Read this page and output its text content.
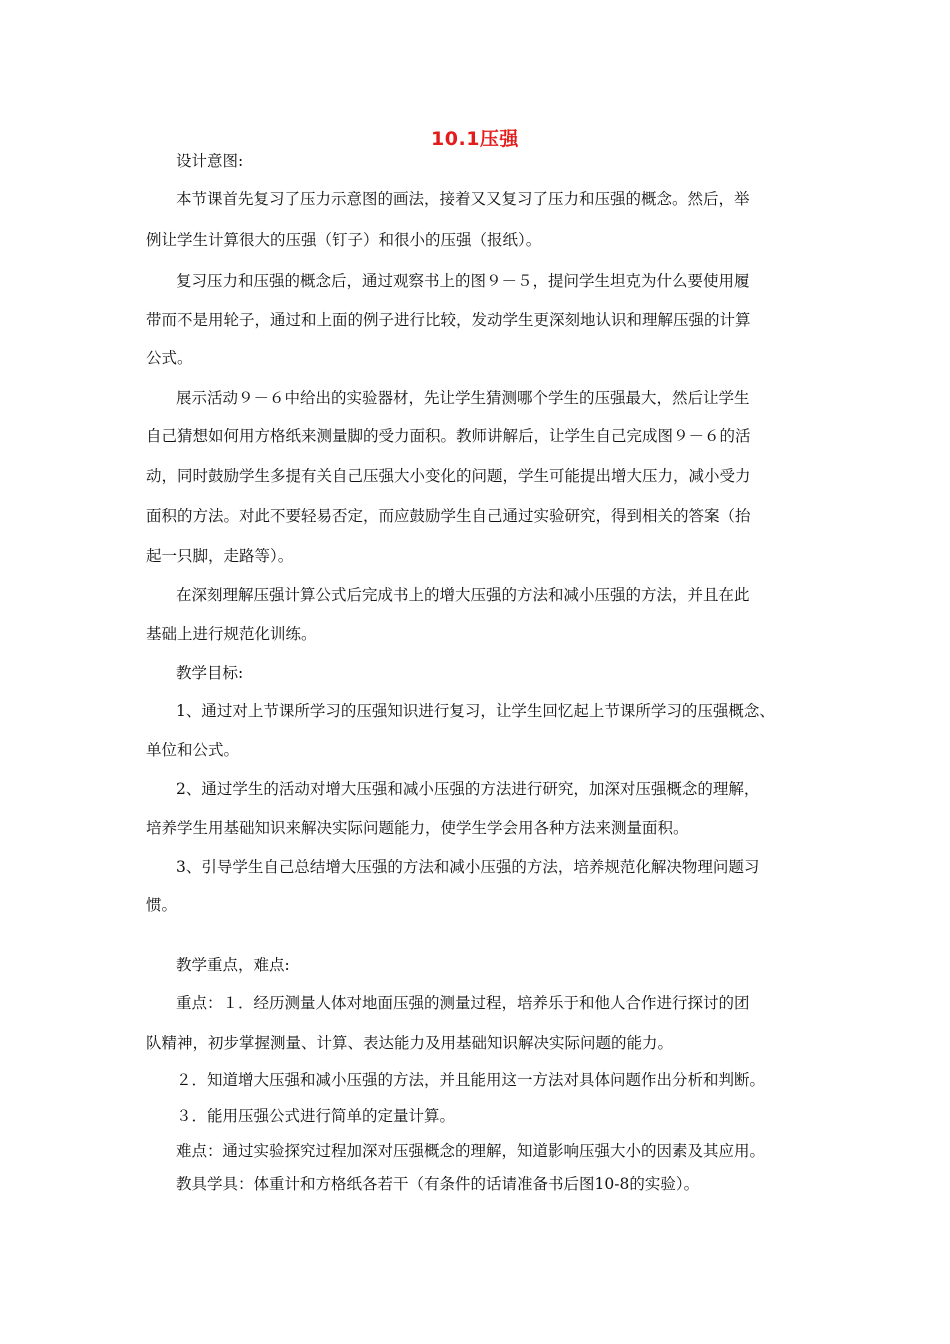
10.1压强
设计意图:
本节课首先复习了压力示意图的画法，接着又又复习了压力和压强的概念。然后，举
例让学生计算很大的压强（钉子）和很小的压强（报纸）。
复习压力和压强的概念后，通过观察书上的图９－５，提问学生坦克为什么要使用履
带而不是用轮子，通过和上面的例子进行比较，发动学生更深刻地认识和理解压强的计算
公式。
展示活动９－６中给出的实验器材，先让学生猜测哪个学生的压强最大，然后让学生
自己猜想如何用方格纸来测量脚的受力面积。教师讲解后，让学生自己完成图９－６的活
动，同时鼓励学生多提有关自己压强大小变化的问题，学生可能提出增大压力，减小受力
面积的方法。对此不要轻易否定，而应鼓励学生自己通过实验研究，得到相关的答案（抬
起一只脚，走路等）。
在深刻理解压强计算公式后完成书上的增大压强的方法和减小压强的方法，并且在此
基础上进行规范化训练。
教学目标:
1、通过对上节课所学习的压强知识进行复习，让学生回忆起上节课所学习的压强概念、
单位和公式。
2、通过学生的活动对增大压强和减小压强的方法进行研究，加深对压强概念的理解，
培养学生用基础知识来解决实际问题能力，使学生学会用各种方法来测量面积。
3、引导学生自己总结增大压强的方法和减小压强的方法，培养规范化解决物理问题习
惯。
教学重点，难点:
重点：１．经历测量人体对地面压强的测量过程，培养乐于和他人合作进行探讨的团
队精神，初步掌握测量、计算、表达能力及用基础知识解决实际问题的能力。
２．知道增大压强和减小压强的方法，并且能用这一方法对具体问题作出分析和判断。
３．能用压强公式进行简单的定量计算。
难点：通过实验探究过程加深对压强概念的理解，知道影响压强大小的因素及其应用。
教具学具：体重计和方格纸各若干（有条件的话请准备书后图10-8的实验）。
